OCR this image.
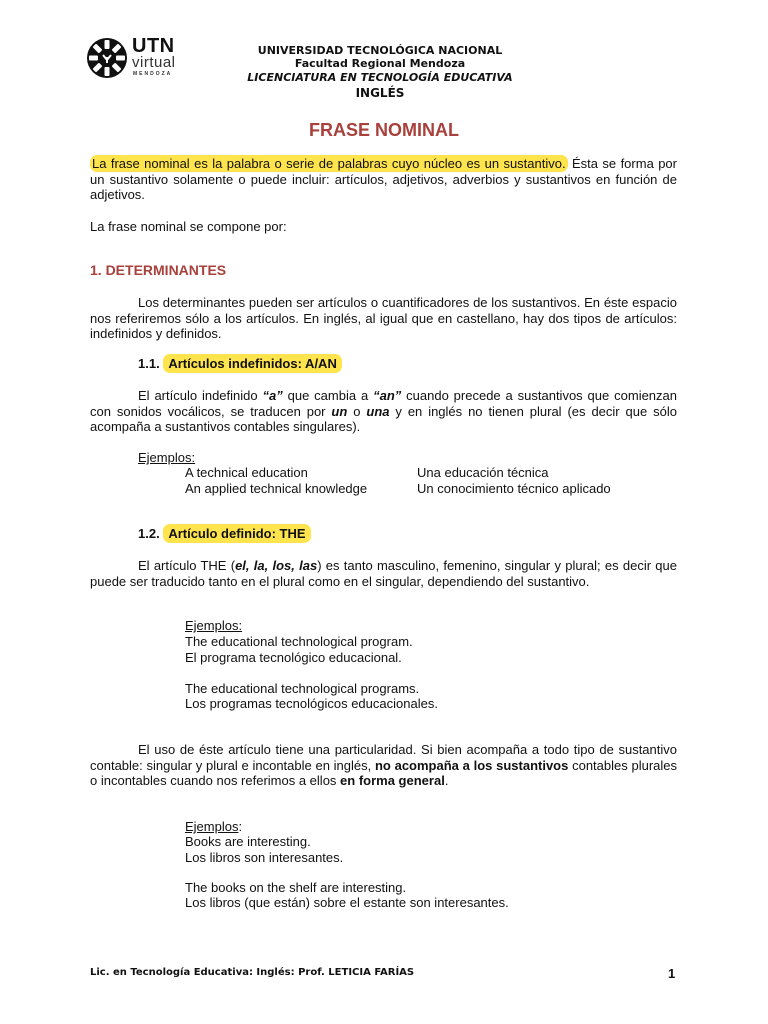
UTN
virtual
MENDOZA
UNIVERSIDAD TECNOLÓGICA NACIONAL
Facultad Regional Mendoza
LICENCIATURA EN TECNOLOGÍA EDUCATIVA
INGLÉS
FRASE NOMINAL
La frase nominal es la palabra o serie de palabras cuyo núcleo es un sustantivo. Ésta se forma por un sustantivo solamente o puede incluir: artículos, adjetivos, adverbios y sustantivos en función de adjetivos.
La frase nominal se compone por:
1. DETERMINANTES
Los determinantes pueden ser artículos o cuantificadores de los sustantivos. En éste espacio nos referiremos sólo a los artículos. En inglés, al igual que en castellano, hay dos tipos de artículos: indefinidos y definidos.
1.1. Artículos indefinidos: A/AN
El artículo indefinido “a” que cambia a “an” cuando precede a sustantivos que comienzan con sonidos vocálicos, se traducen por un o una y en inglés no tienen plural (es decir que sólo acompaña a sustantivos contables singulares).
Ejemplos:
A technical education	Una educación técnica
An applied technical knowledge	Un conocimiento técnico aplicado
1.2. Artículo definido: THE
El artículo THE (el, la, los, las) es tanto masculino, femenino, singular y plural; es decir que puede ser traducido tanto en el plural como en el singular, dependiendo del sustantivo.
Ejemplos:
The educational technological program.
El programa tecnológico educacional.
The educational technological programs.
Los programas tecnológicos educacionales.
El uso de éste artículo tiene una particularidad. Si bien acompaña a todo tipo de sustantivo contable: singular y plural e incontable en inglés, no acompaña a los sustantivos contables plurales o incontables cuando nos referimos a ellos en forma general.
Ejemplos:
Books are interesting.
Los libros son interesantes.
The books on the shelf are interesting.
Los libros (que están) sobre el estante son interesantes.
Lic. en Tecnología Educativa: Inglés: Prof. LETICIA FARÍAS	1
